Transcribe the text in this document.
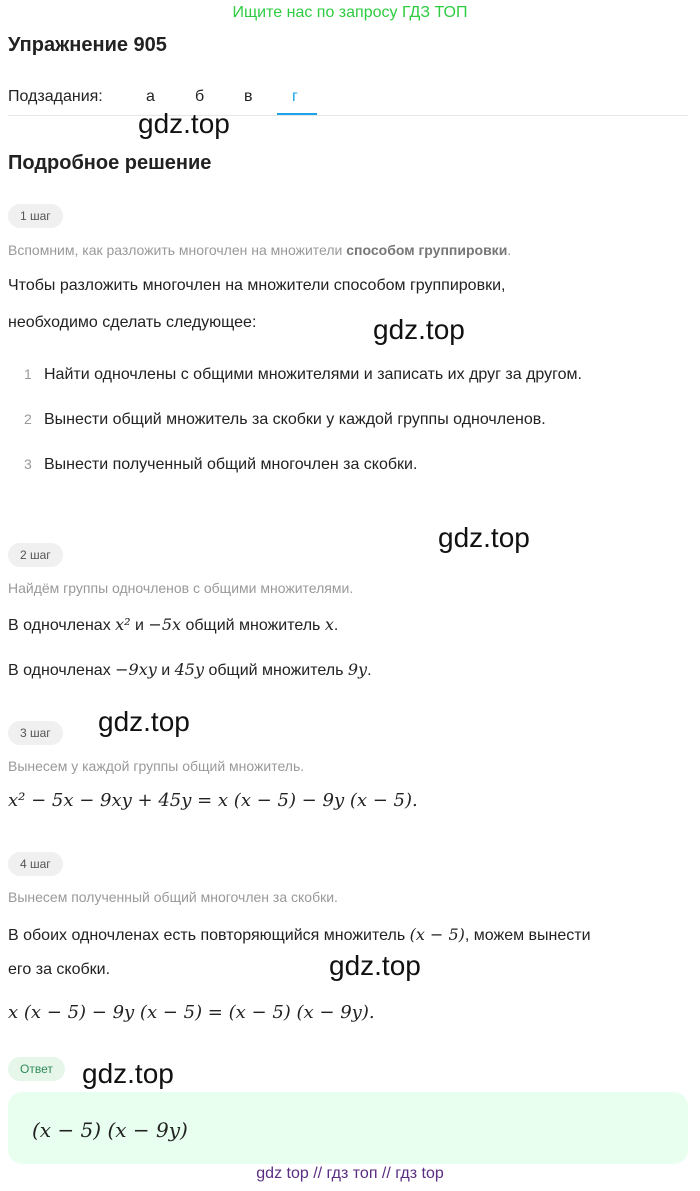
Ищите нас по запросу ГДЗ ТОП
Упражнение 905
Подзадания:	а	б в г
gdz.top
Подробное решение
1 шаг
Вспомним, как разложить многочлен на множители способом группировки.
Чтобы разложить многочлен на множители способом группировки,
необходимо сделать следующее:	gdz.top
1 Найти одночлены с общими множителями и записать их друг за другом.
2 Вынести общий множитель за скобки у каждой группы одночленов.
3 Вынести полученный общий многочлен за скобки.
gdz.top
2 шаг
Найдём группы одночленов с общими множителями.
В одночленах x² и −5x общий множитель x.
В одночленах −9xy и 45y общий множитель 9y.
gdz.top
3 шаг
Вынесем у каждой группы общий множитель.
x² − 5x − 9xy + 45y = x (x − 5) − 9y (x − 5).
4 шаг
Вынесем полученный общий многочлен за скобки.
В обоих одночленах есть повторяющийся множитель (x − 5), можем вынести
его за скобки.	gdz.top
x (x − 5) − 9y (x − 5) = (x − 5) (x − 9y).
Ответ	gdz.top
(x − 5) (x − 9y)
gdz top // гдз топ // гдз top
